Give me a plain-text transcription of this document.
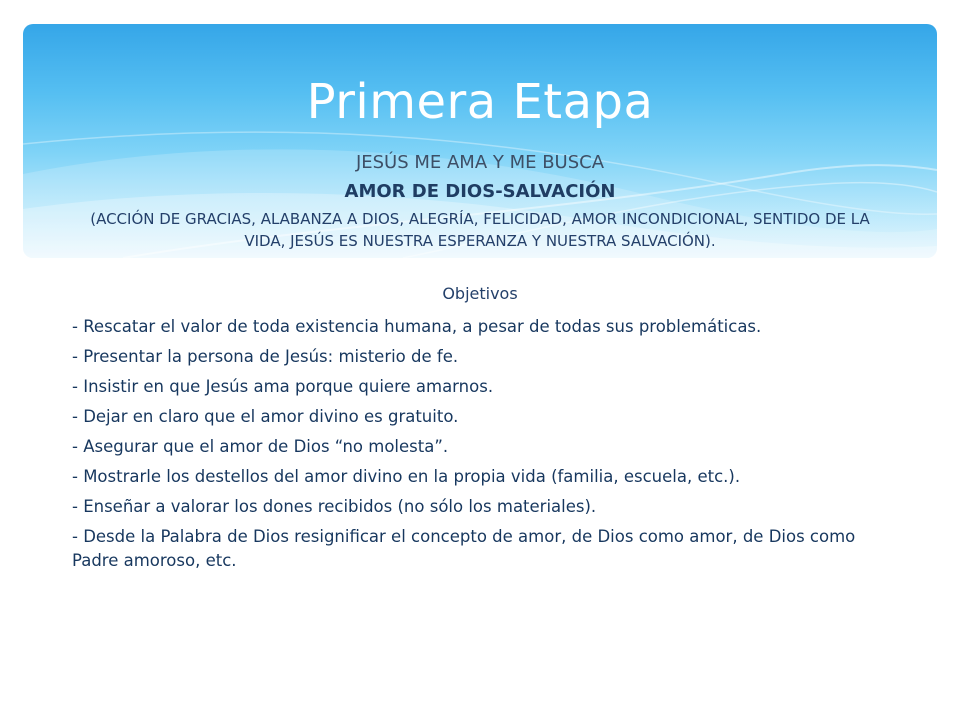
Primera Etapa

JESÚS ME AMA Y ME BUSCA

AMOR DE DIOS-SALVACIÓN

(ACCIÓN DE GRACIAS, ALABANZA A DIOS, ALEGRÍA, FELICIDAD, AMOR INCONDICIONAL, SENTIDO DE LA VIDA, JESÚS ES NUESTRA ESPERANZA Y NUESTRA SALVACIÓN).

Objetivos

- Rescatar el valor de toda existencia humana, a pesar de todas sus problemáticas.
- Presentar la persona de Jesús: misterio de fe.
- Insistir en que Jesús ama porque quiere amarnos.
- Dejar en claro que el amor divino es gratuito.
- Asegurar que el amor de Dios “no molesta”.
- Mostrarle los destellos del amor divino en la propia vida (familia, escuela, etc.).
- Enseñar a valorar los dones recibidos (no sólo los materiales).
- Desde la Palabra de Dios resignificar el concepto de amor, de Dios como amor, de Dios como Padre amoroso, etc.
